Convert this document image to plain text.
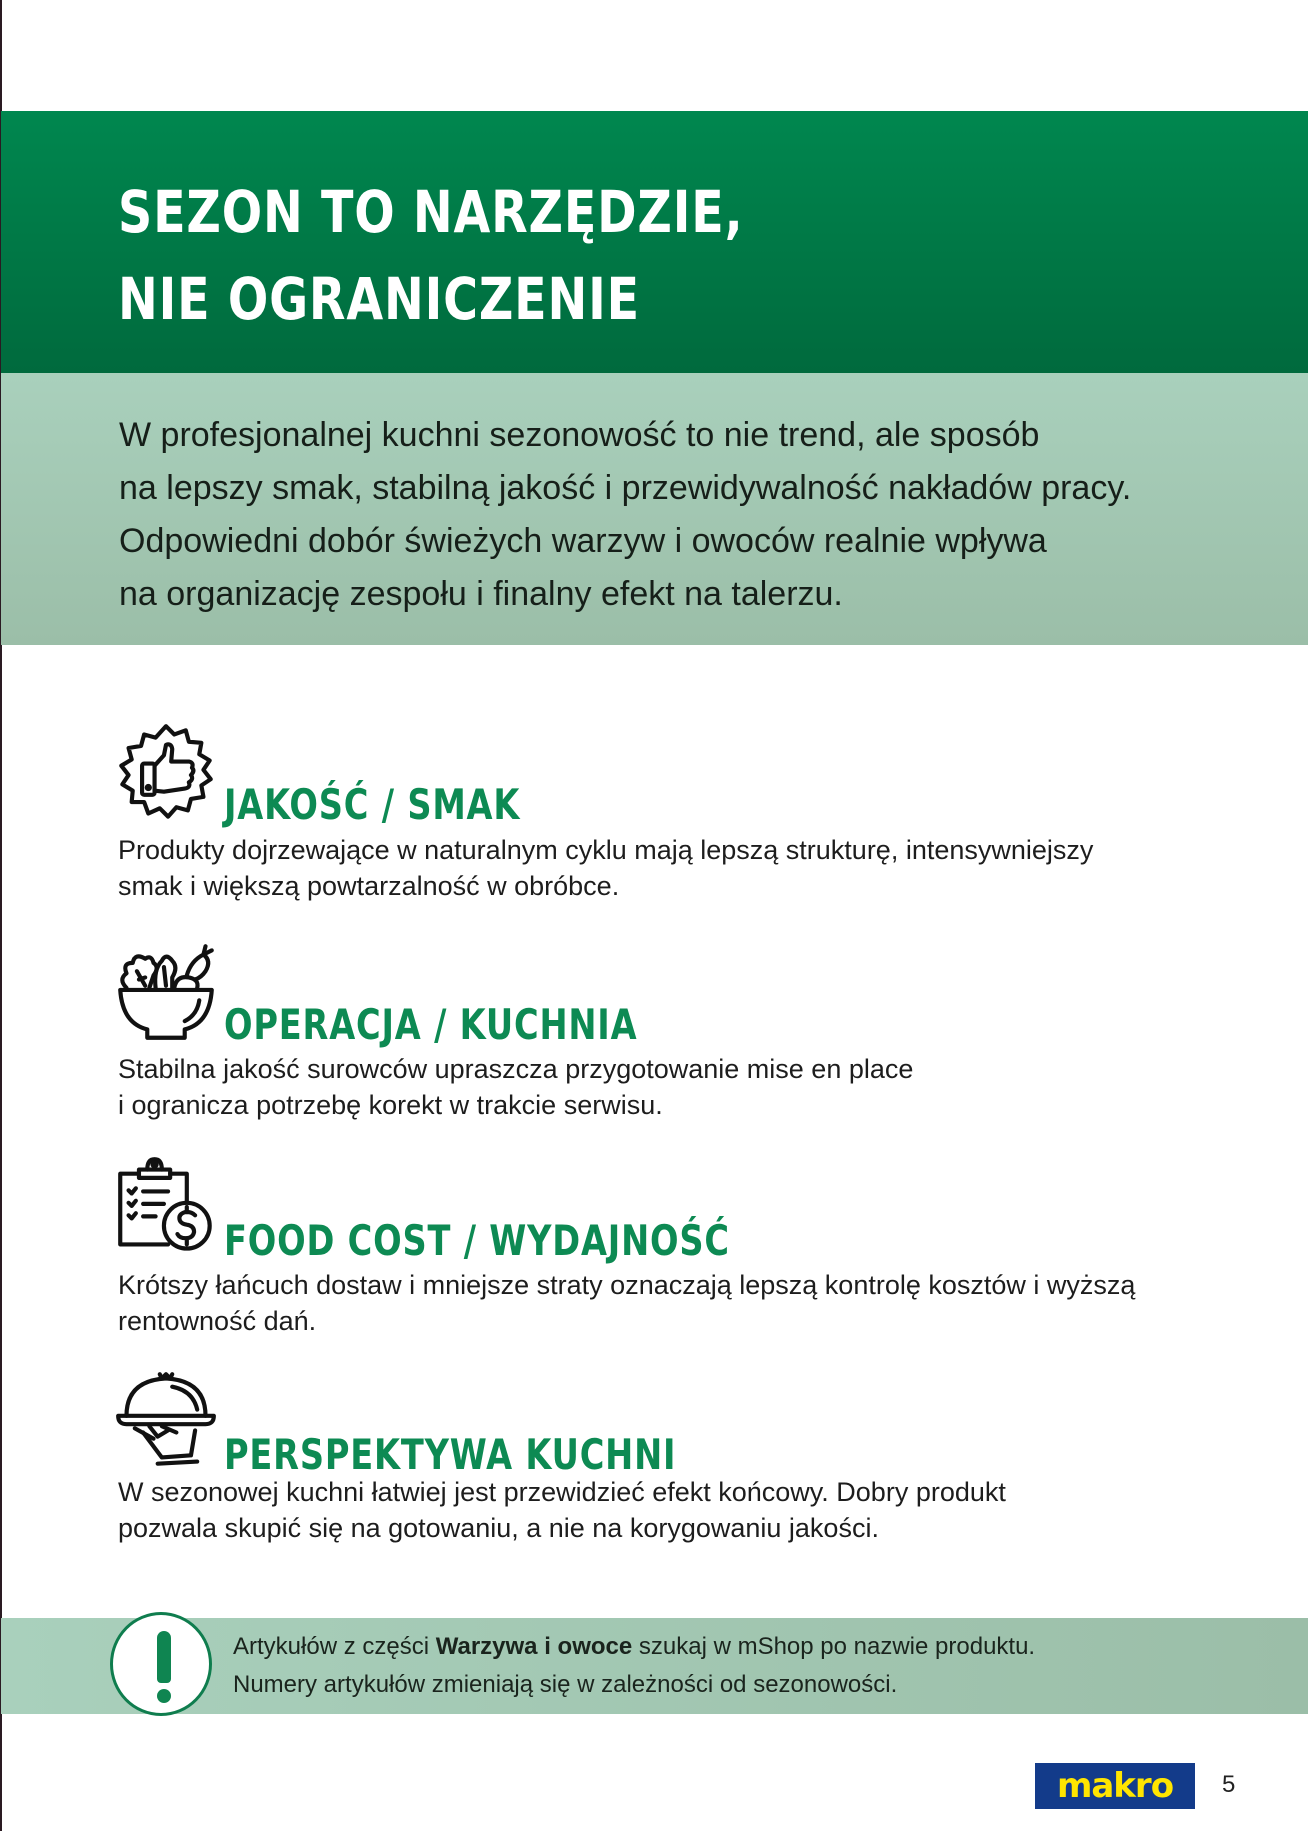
SEZON TO NARZĘDZIE,
NIE OGRANICZENIE

W profesjonalnej kuchni sezonowość to nie trend, ale sposób
na lepszy smak, stabilną jakość i przewidywalność nakładów pracy.
Odpowiedni dobór świeżych warzyw i owoców realnie wpływa
na organizację zespołu i finalny efekt na talerzu.

JAKOŚĆ / SMAK

Produkty dojrzewające w naturalnym cyklu mają lepszą strukturę, intensywniejszy
smak i większą powtarzalność w obróbce.

OPERACJA / KUCHNIA

Stabilna jakość surowców upraszcza przygotowanie mise en place
i ogranicza potrzebę korekt w trakcie serwisu.

FOOD COST / WYDAJNOŚĆ

Krótszy łańcuch dostaw i mniejsze straty oznaczają lepszą kontrolę kosztów i wyższą
rentowność dań.

PERSPEKTYWA KUCHNI

W sezonowej kuchni łatwiej jest przewidzieć efekt końcowy. Dobry produkt
pozwala skupić się na gotowaniu, a nie na korygowaniu jakości.

Artykułów z części Warzywa i owoce szukaj w mShop po nazwie produktu.
Numery artykułów zmieniają się w zależności od sezonowości.

makro 5
